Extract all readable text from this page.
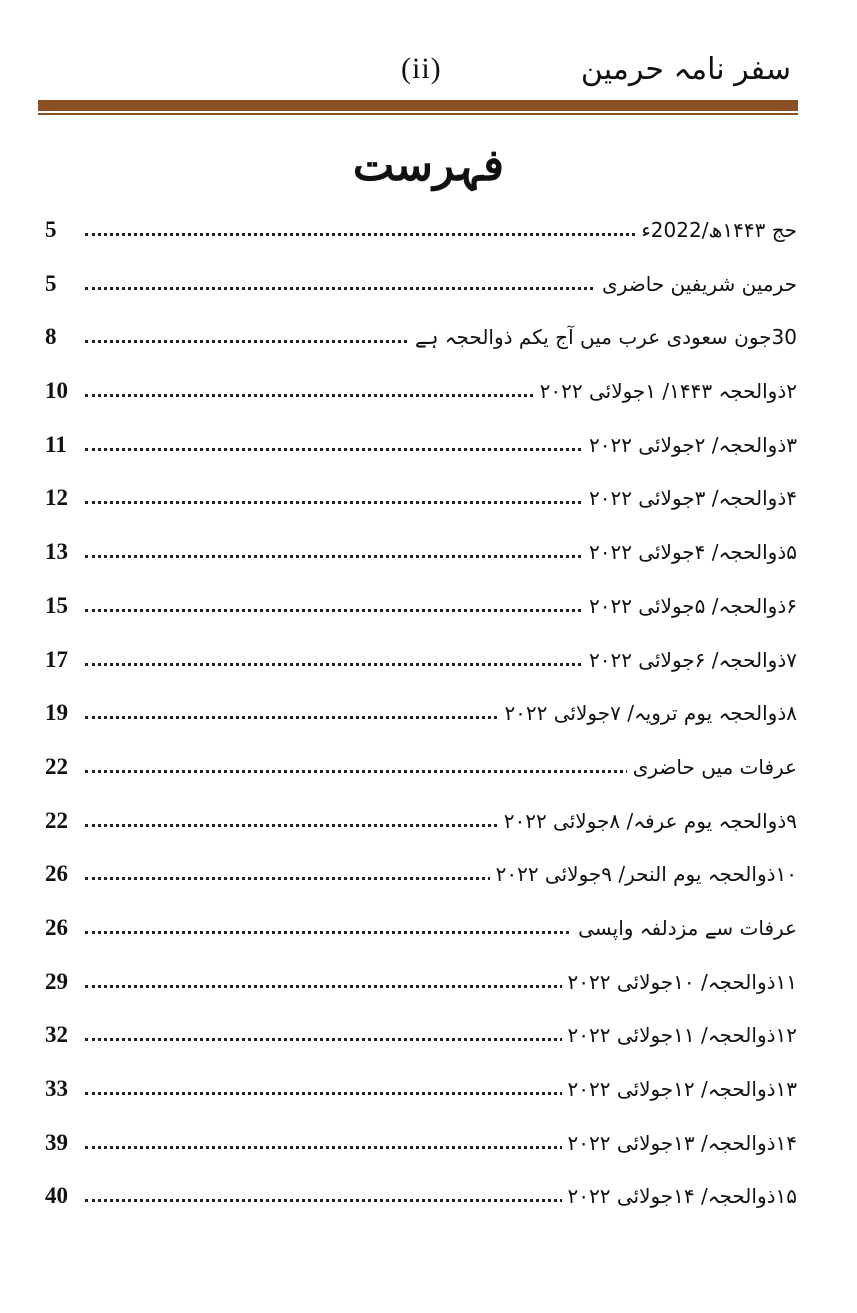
سفر نامہ حرمین
(ii)
فہرست
حج ۱۴۴۳ھ/2022ء
5
حرمین شریفین حاضری
5
30جون سعودی عرب میں آج یکم ذوالحجہ ہے
8
۲ذوالحجہ ۱۴۴۳/ ۱جولائی ۲۰۲۲
10
۳ذوالحجہ/ ۲جولائی ۲۰۲۲
11
۴ذوالحجہ/ ۳جولائی ۲۰۲۲
12
۵ذوالحجہ/ ۴جولائی ۲۰۲۲
13
۶ذوالحجہ/ ۵جولائی ۲۰۲۲
15
۷ذوالحجہ/ ۶جولائی ۲۰۲۲
17
۸ذوالحجہ یوم ترویہ/ ۷جولائی ۲۰۲۲
19
عرفات میں حاضری
22
۹ذوالحجہ یوم عرفہ/ ۸جولائی ۲۰۲۲
22
۱۰ذوالحجہ یوم النحر/ ۹جولائی ۲۰۲۲
26
عرفات سے مزدلفہ واپسی
26
۱۱ذوالحجہ/ ۱۰جولائی ۲۰۲۲
29
۱۲ذوالحجہ/ ۱۱جولائی ۲۰۲۲
32
۱۳ذوالحجہ/ ۱۲جولائی ۲۰۲۲
33
۱۴ذوالحجہ/ ۱۳جولائی ۲۰۲۲
39
۱۵ذوالحجہ/ ۱۴جولائی ۲۰۲۲
40
